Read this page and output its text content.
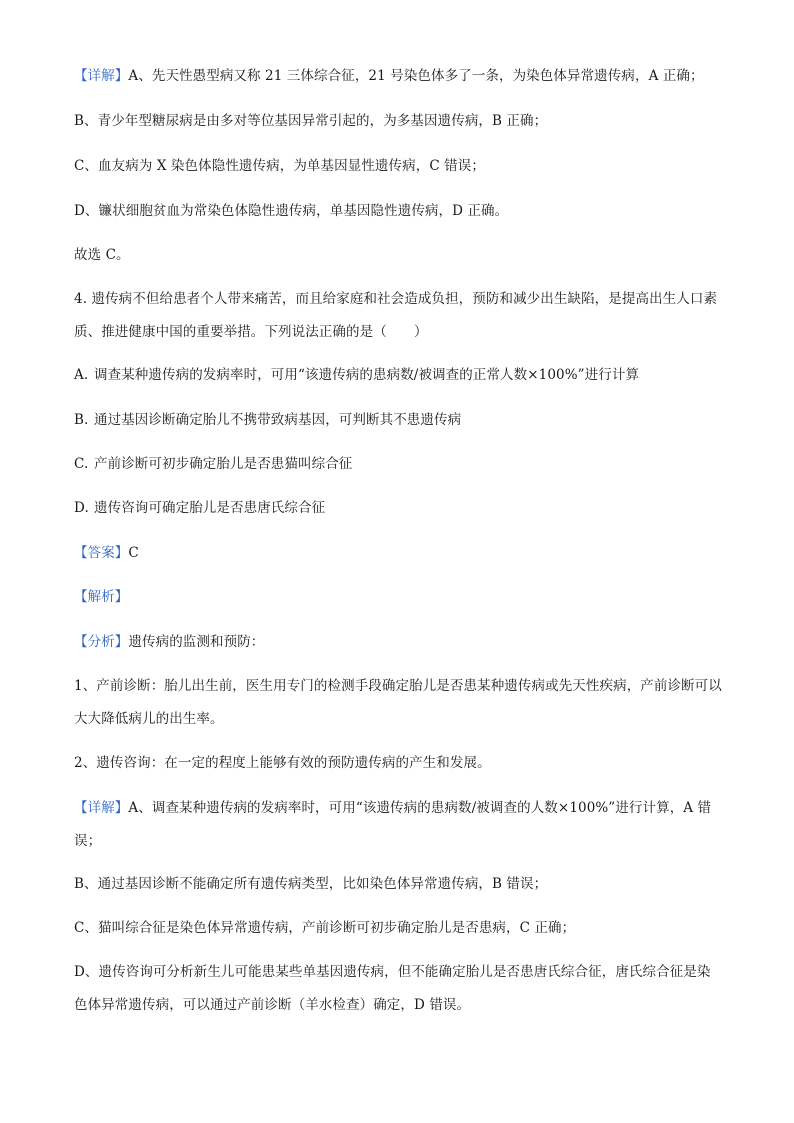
【详解】A、先天性愚型病又称 21 三体综合征，21 号染色体多了一条，为染色体异常遗传病，A 正确；
B、青少年型糖尿病是由多对等位基因异常引起的，为多基因遗传病，B 正确；
C、血友病为 X 染色体隐性遗传病，为单基因显性遗传病，C 错误；
D、镰状细胞贫血为常染色体隐性遗传病，单基因隐性遗传病，D 正确。
故选 C。
4. 遗传病不但给患者个人带来痛苦，而且给家庭和社会造成负担，预防和减少出生缺陷，是提高出生人口素质、推进健康中国的重要举措。下列说法正确的是（　　）
A. 调查某种遗传病的发病率时，可用“该遗传病的患病数/被调查的正常人数×100%”进行计算
B. 通过基因诊断确定胎儿不携带致病基因，可判断其不患遗传病
C. 产前诊断可初步确定胎儿是否患猫叫综合征
D. 遗传咨询可确定胎儿是否患唐氏综合征
【答案】C
【解析】
【分析】遗传病的监测和预防：
1、产前诊断：胎儿出生前，医生用专门的检测手段确定胎儿是否患某种遗传病或先天性疾病，产前诊断可以大大降低病儿的出生率。
2、遗传咨询：在一定的程度上能够有效的预防遗传病的产生和发展。
【详解】A、调查某种遗传病的发病率时，可用“该遗传病的患病数/被调查的人数×100%”进行计算，A 错误；
B、通过基因诊断不能确定所有遗传病类型，比如染色体异常遗传病，B 错误；
C、猫叫综合征是染色体异常遗传病，产前诊断可初步确定胎儿是否患病，C 正确；
D、遗传咨询可分析新生儿可能患某些单基因遗传病，但不能确定胎儿是否患唐氏综合征，唐氏综合征是染色体异常遗传病，可以通过产前诊断（羊水检查）确定，D 错误。
